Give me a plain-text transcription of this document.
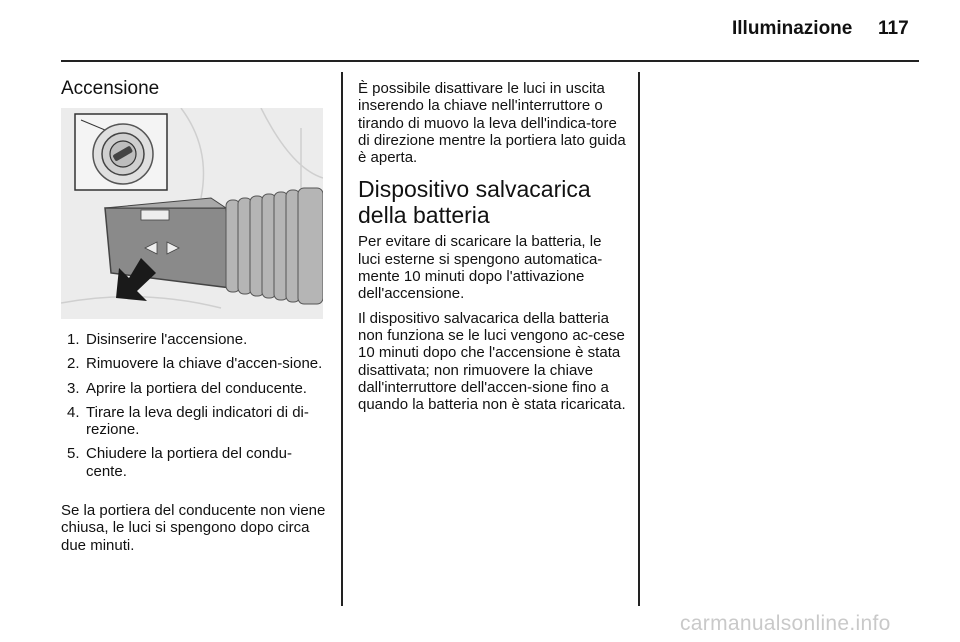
Illuminazione 117
Accensione
1. Disinserire l'accensione.
2. Rimuovere la chiave d'accen-sione.
3. Aprire la portiera del conducente.
4. Tirare la leva degli indicatori di di-rezione.
5. Chiudere la portiera del condu-cente.
Se la portiera del conducente non viene chiusa, le luci si spengono dopo circa due minuti.

È possibile disattivare le luci in uscita inserendo la chiave nell'interruttore o tirando di muovo la leva dell'indica-tore di direzione mentre la portiera lato guida è aperta.

Dispositivo salvacarica della batteria

Per evitare di scaricare la batteria, le luci esterne si spengono automatica-mente 10 minuti dopo l'attivazione dell'accensione.

Il dispositivo salvacarica della batteria non funziona se le luci vengono ac-cese 10 minuti dopo che l'accensione è stata disattivata; non rimuovere la chiave dall'interruttore dell'accen-sione fino a quando la batteria non è stata ricaricata.

carmanualsonline.info
